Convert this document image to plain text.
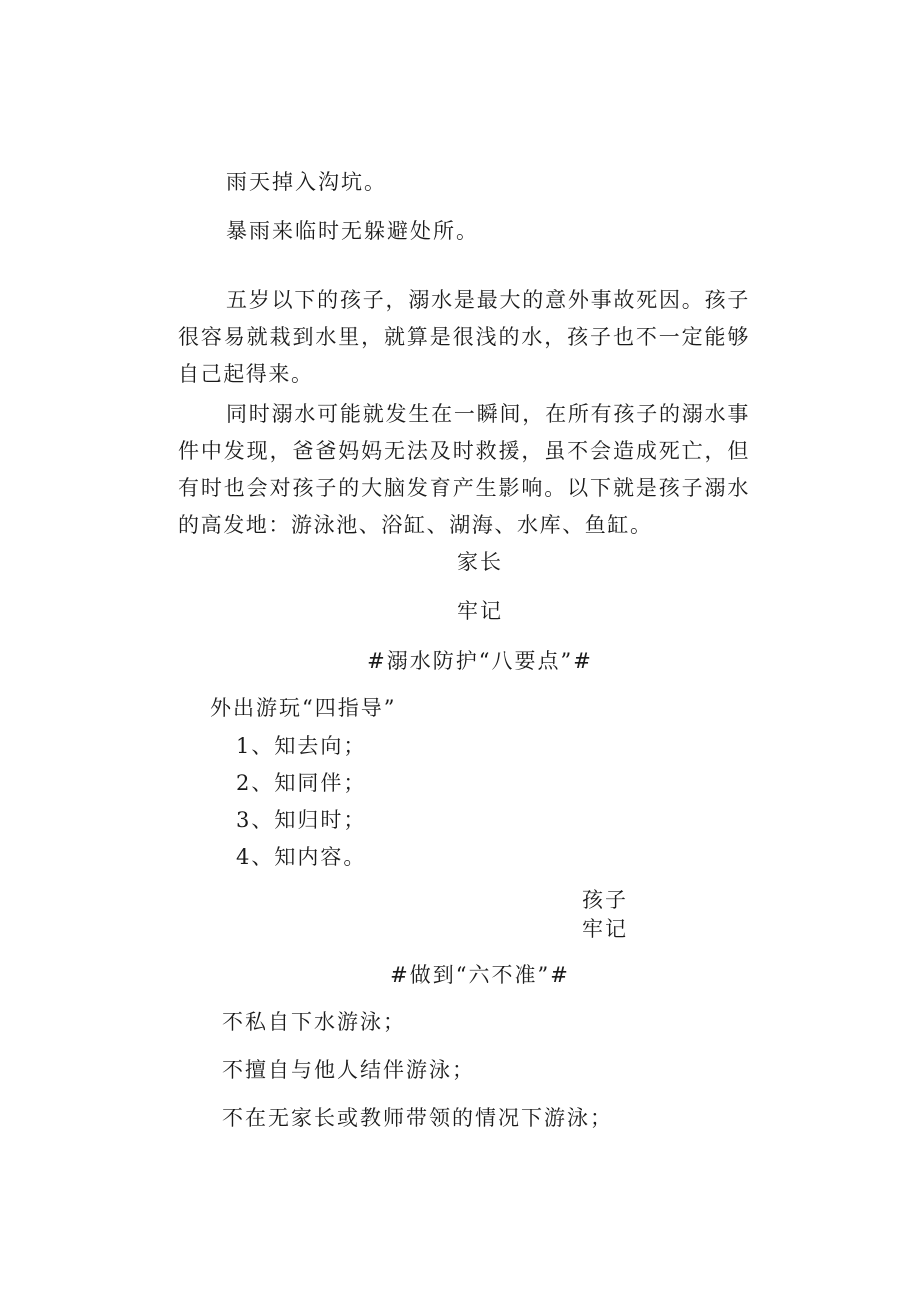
雨天掉入沟坑。

暴雨来临时无躲避处所。

五岁以下的孩子，溺水是最大的意外事故死因。孩子很容易就栽到水里，就算是很浅的水，孩子也不一定能够自己起得来。

同时溺水可能就发生在一瞬间，在所有孩子的溺水事件中发现，爸爸妈妈无法及时救援，虽不会造成死亡，但有时也会对孩子的大脑发育产生影响。以下就是孩子溺水的高发地：游泳池、浴缸、湖海、水库、鱼缸。

家长

牢记

#溺水防护“八要点”#

外出游玩“四指导”

1、知去向；

2、知同伴；

3、知归时；

4、知内容。

孩子

牢记

#做到“六不准”#

不私自下水游泳；

不擅自与他人结伴游泳；

不在无家长或教师带领的情况下游泳；
